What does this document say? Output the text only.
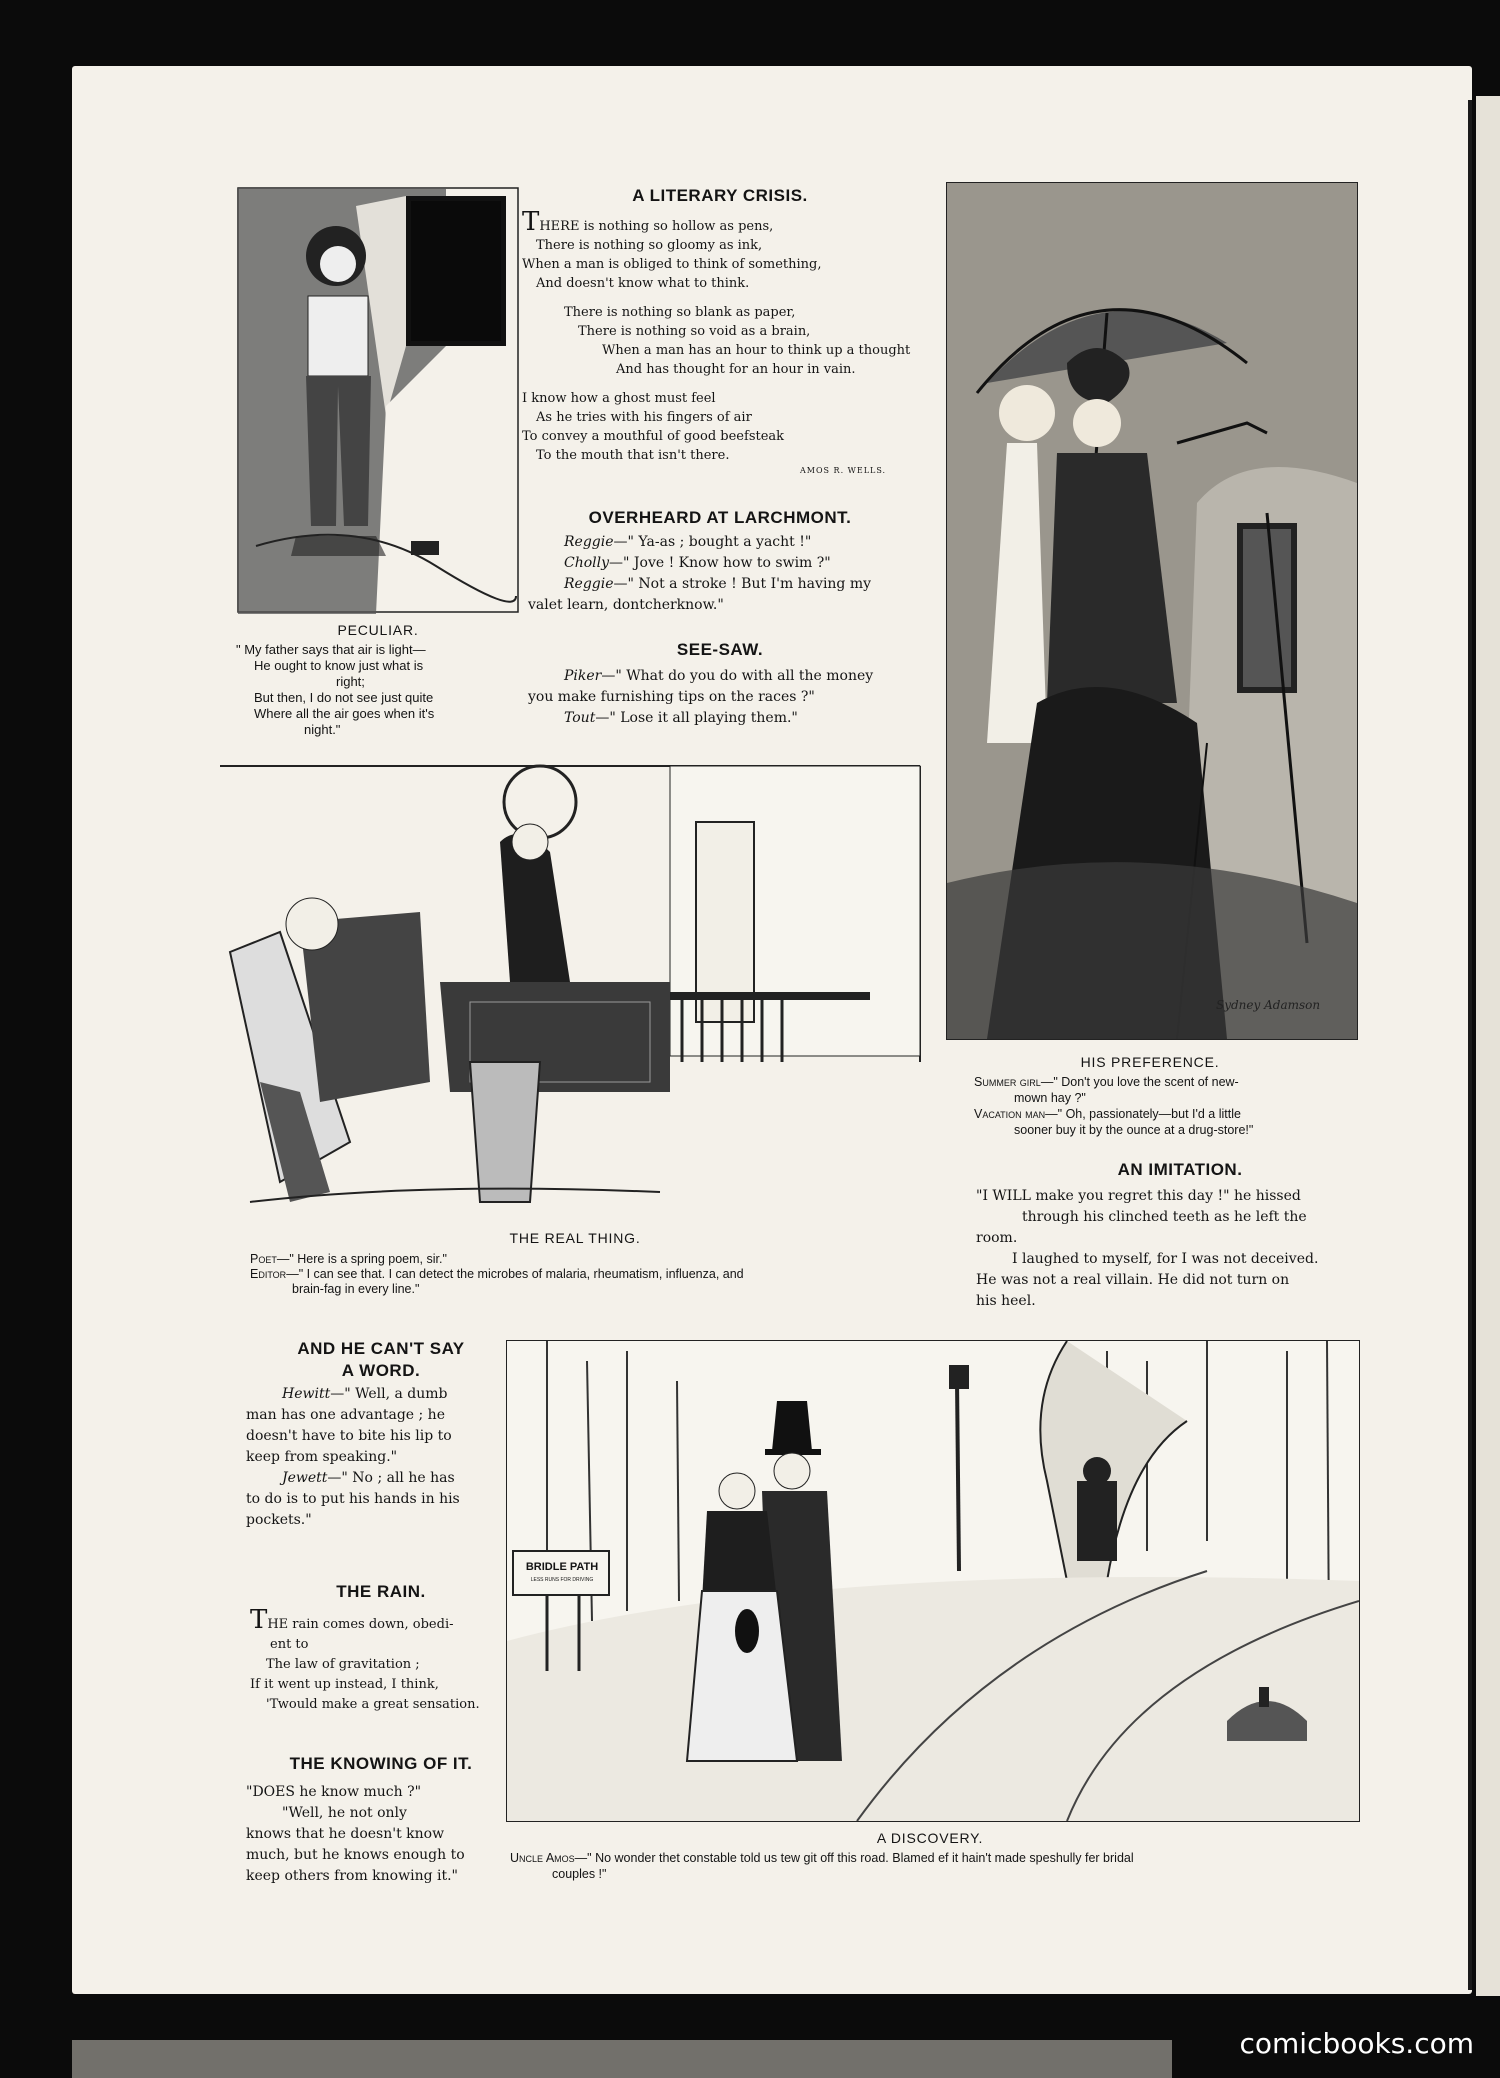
PECULIAR.
" My father says that air is light—
He ought to know just what is
right;
But then, I do not see just quite
Where all the air goes when it's
night."
A LITERARY CRISIS.
THERE is nothing so hollow as pens,
There is nothing so gloomy as ink,
When a man is obliged to think of something,
And doesn't know what to think.
There is nothing so blank as paper,
There is nothing so void as a brain,
When a man has an hour to think up a thought
And has thought for an hour in vain.
I know how a ghost must feel
As he tries with his fingers of air
To convey a mouthful of good beefsteak
To the mouth that isn't there.
AMOS R. WELLS.
OVERHEARD AT LARCHMONT.
Reggie—" Ya-as ; bought a yacht !"
Cholly—" Jove ! Know how to swim ?"
Reggie—" Not a stroke ! But I'm having my
valet learn, dontcherknow."
SEE-SAW.
Piker—" What do you do with all the money
you make furnishing tips on the races ?"
Tout—" Lose it all playing them."
Sydney Adamson
HIS PREFERENCE.
Summer girl—" Don't you love the scent of new-
mown hay ?"
Vacation man—" Oh, passionately—but I'd a little
sooner buy it by the ounce at a drug-store!"
THE REAL THING.
Poet—" Here is a spring poem, sir."
Editor—" I can see that. I can detect the microbes of malaria, rheumatism, influenza, and
brain-fag in every line."
AN IMITATION.
"I WILL make you regret this day !" he hissed
through his clinched teeth as he left the
room.
I laughed to myself, for I was not deceived.
He was not a real villain. He did not turn on
his heel.
AND HE CAN'T SAY
A WORD.
Hewitt—" Well, a dumb
man has one advantage ; he
doesn't have to bite his lip to
keep from speaking."
Jewett—" No ; all he has
to do is to put his hands in his
pockets."
THE RAIN.
THE rain comes down, obedi-
ent to
The law of gravitation ;
If it went up instead, I think,
'Twould make a great sensation.
THE KNOWING OF IT.
"DOES he know much ?"
"Well, he not only
knows that he doesn't know
much, but he knows enough to
keep others from knowing it."
BRIDLE PATH
LESS RUNS FOR DRIVING
A DISCOVERY.
Uncle Amos—" No wonder thet constable told us tew git off this road. Blamed ef it hain't made speshully fer bridal
couples !"
comicbooks.com
